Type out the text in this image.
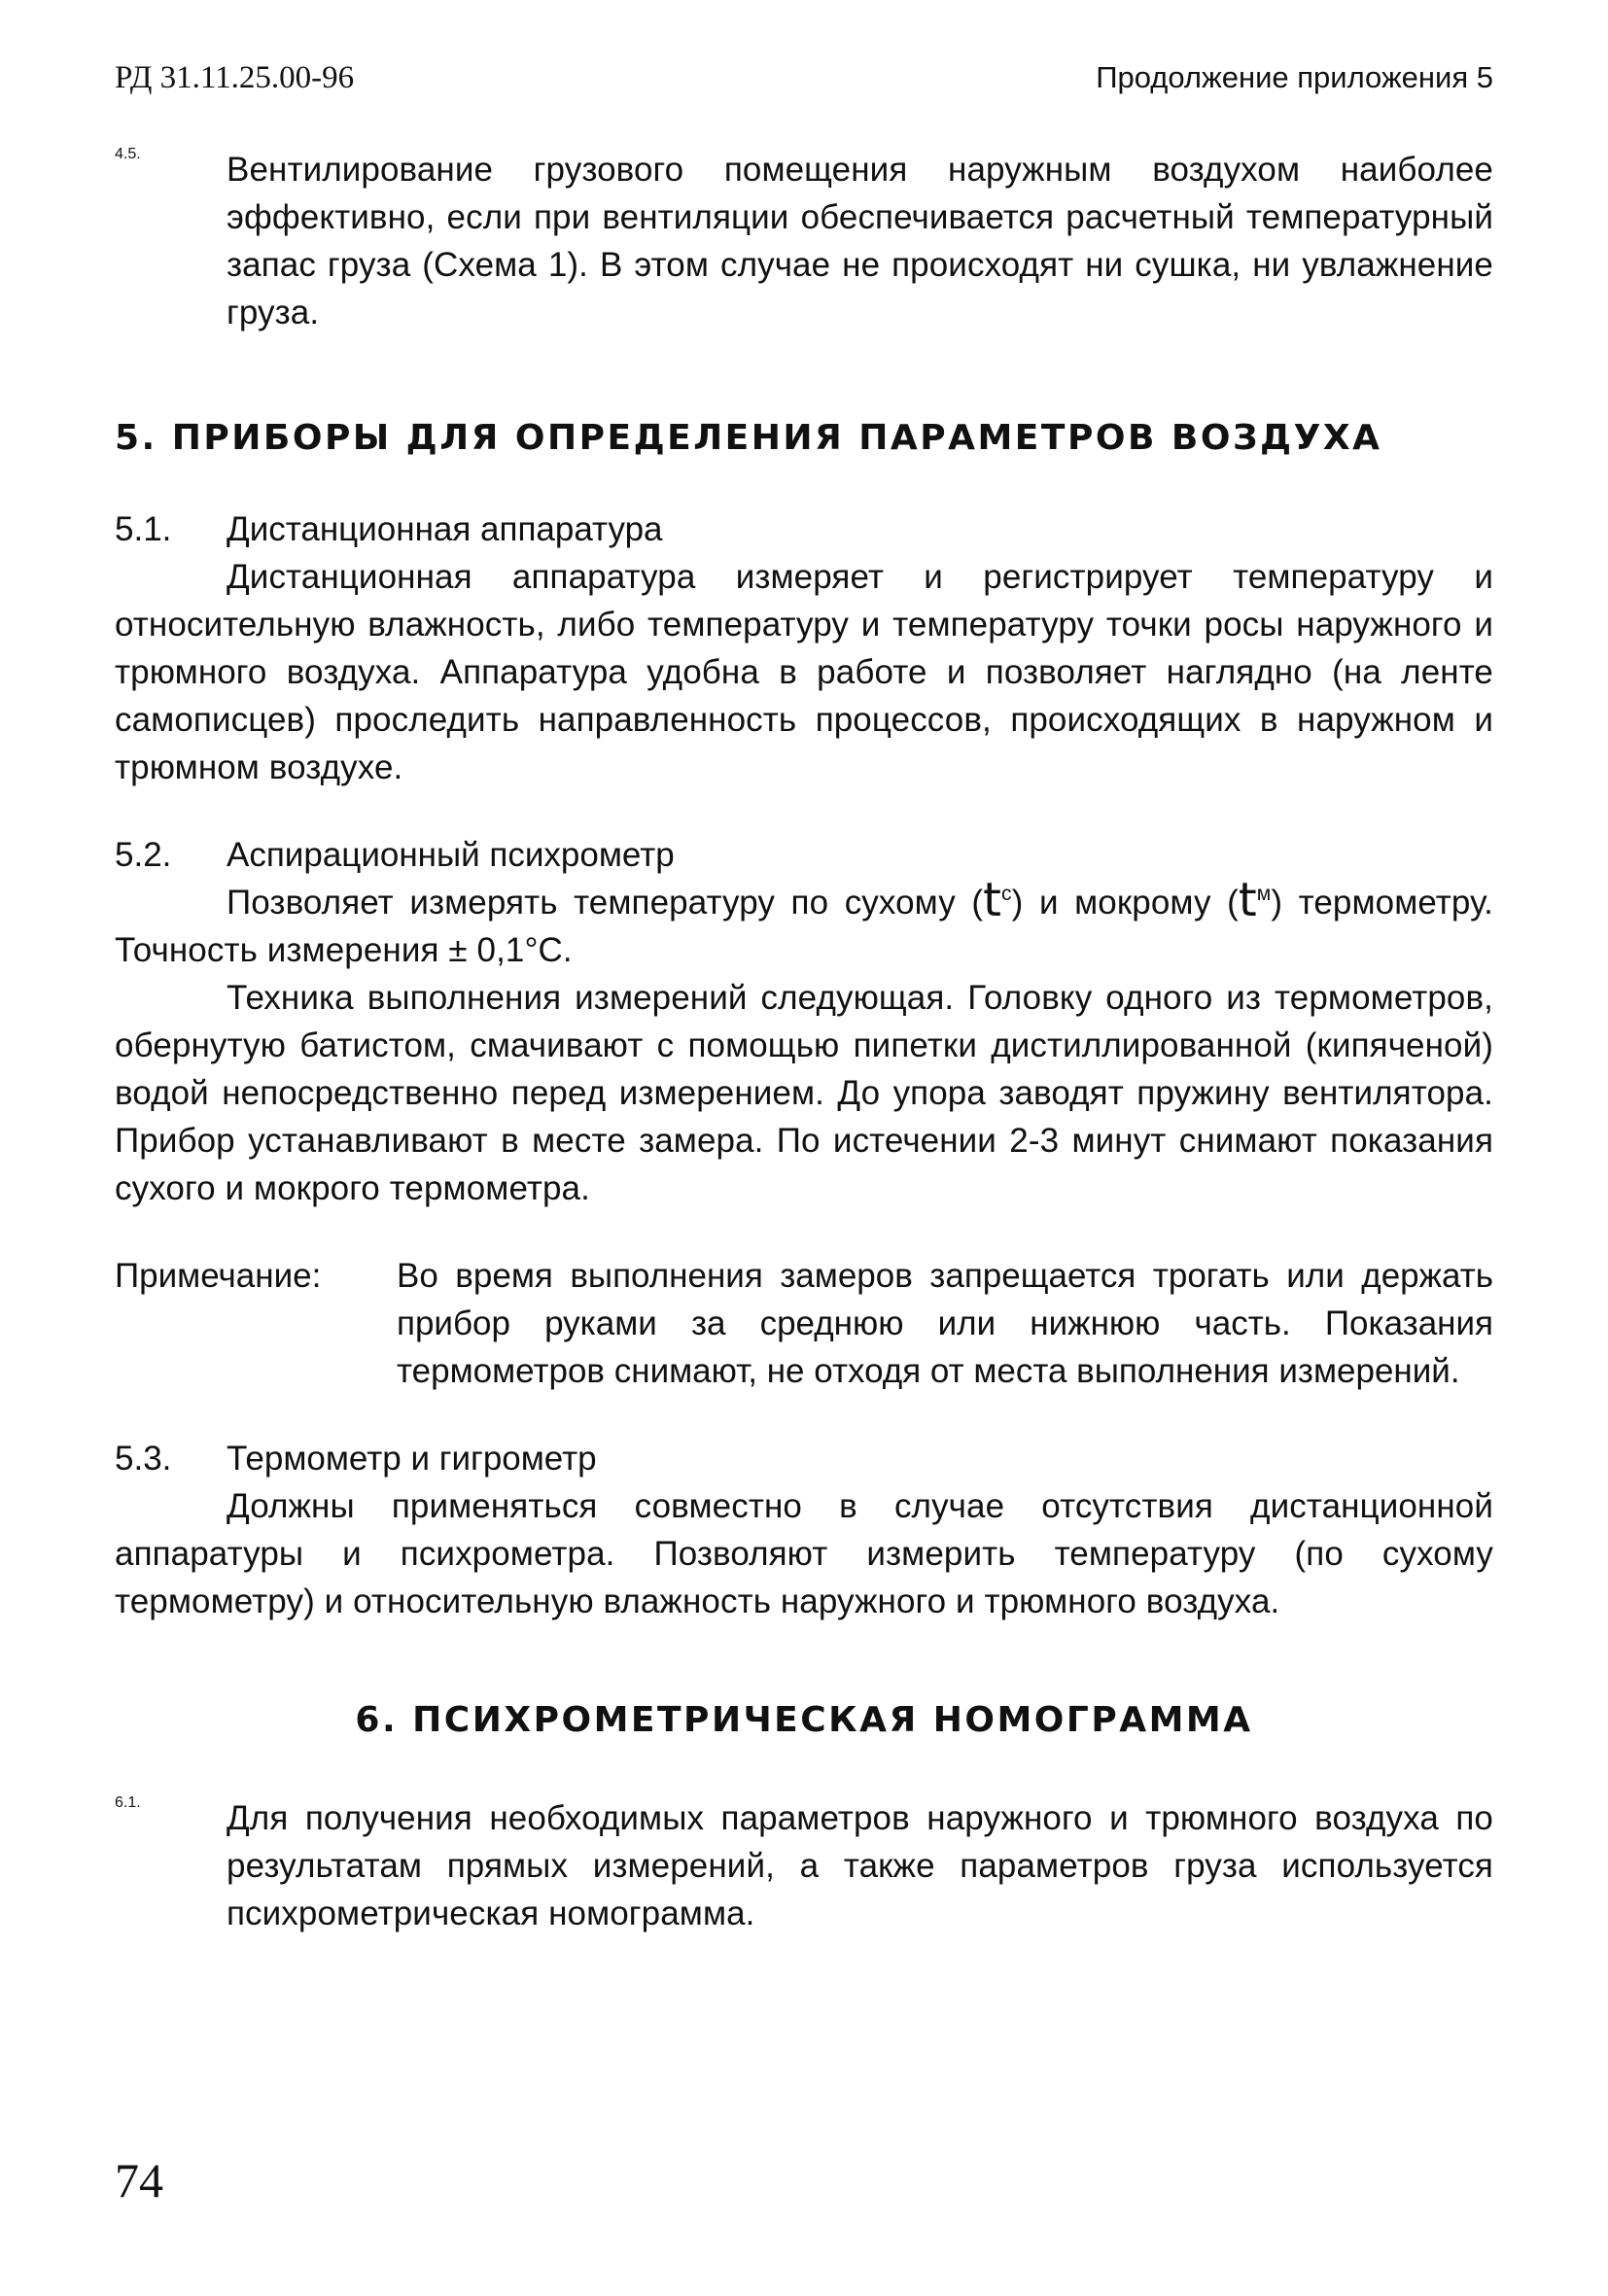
РД 31.11.25.00-96	Продолжение приложения 5
4.5.	Вентилирование грузового помещения наружным воздухом наиболее эффективно, если при вентиляции обеспечивается расчетный температурный запас груза (Схема 1). В этом случае не происходят ни сушка, ни увлажнение груза.

5. ПРИБОРЫ ДЛЯ ОПРЕДЕЛЕНИЯ ПАРАМЕТРОВ ВОЗДУХА
5.1.	Дистанционная аппаратура

Дистанционная аппаратура измеряет и регистрирует температуру и относительную влажность, либо температуру и температуру точки росы наружного и трюмного воздуха. Аппаратура удобна в работе и позволяет наглядно (на ленте самописцев) проследить направленность процессов, происходящих в наружном и трюмном воздухе.

5.2.	Аспирационный психрометр

Позволяет измерять температуру по сухому $(t^с)$ и мокрому $(t^м)$ термометру. Точность измерения ± 0,1°С.

Техника выполнения измерений следующая. Головку одного из термометров, обернутую батистом, смачивают с помощью пипетки дистиллированной (кипяченой) водой непосредственно перед измерением. До упора заводят пружину вентилятора. Прибор устанавливают в месте замера. По истечении 2-3 минут снимают показания сухого и мокрого термометра.

Примечание:	Во время выполнения замеров запрещается трогать или держать прибор руками за среднюю или нижнюю часть. Показания термометров снимают, не отходя от места выполнения измерений.
5.3.	Термометр и гигрометр

Должны применяться совместно в случае отсутствия дистанционной аппаратуры и психрометра. Позволяют измерить температуру (по сухому термометру) и относительную влажность наружного и трюмного воздуха.

6. ПСИХРОМЕТРИЧЕСКАЯ НОМОГРАММА
6.1.	Для получения необходимых параметров наружного и трюмного воздуха по результатам прямых измерений, а также параметров груза используется психрометрическая номограмма.

74
